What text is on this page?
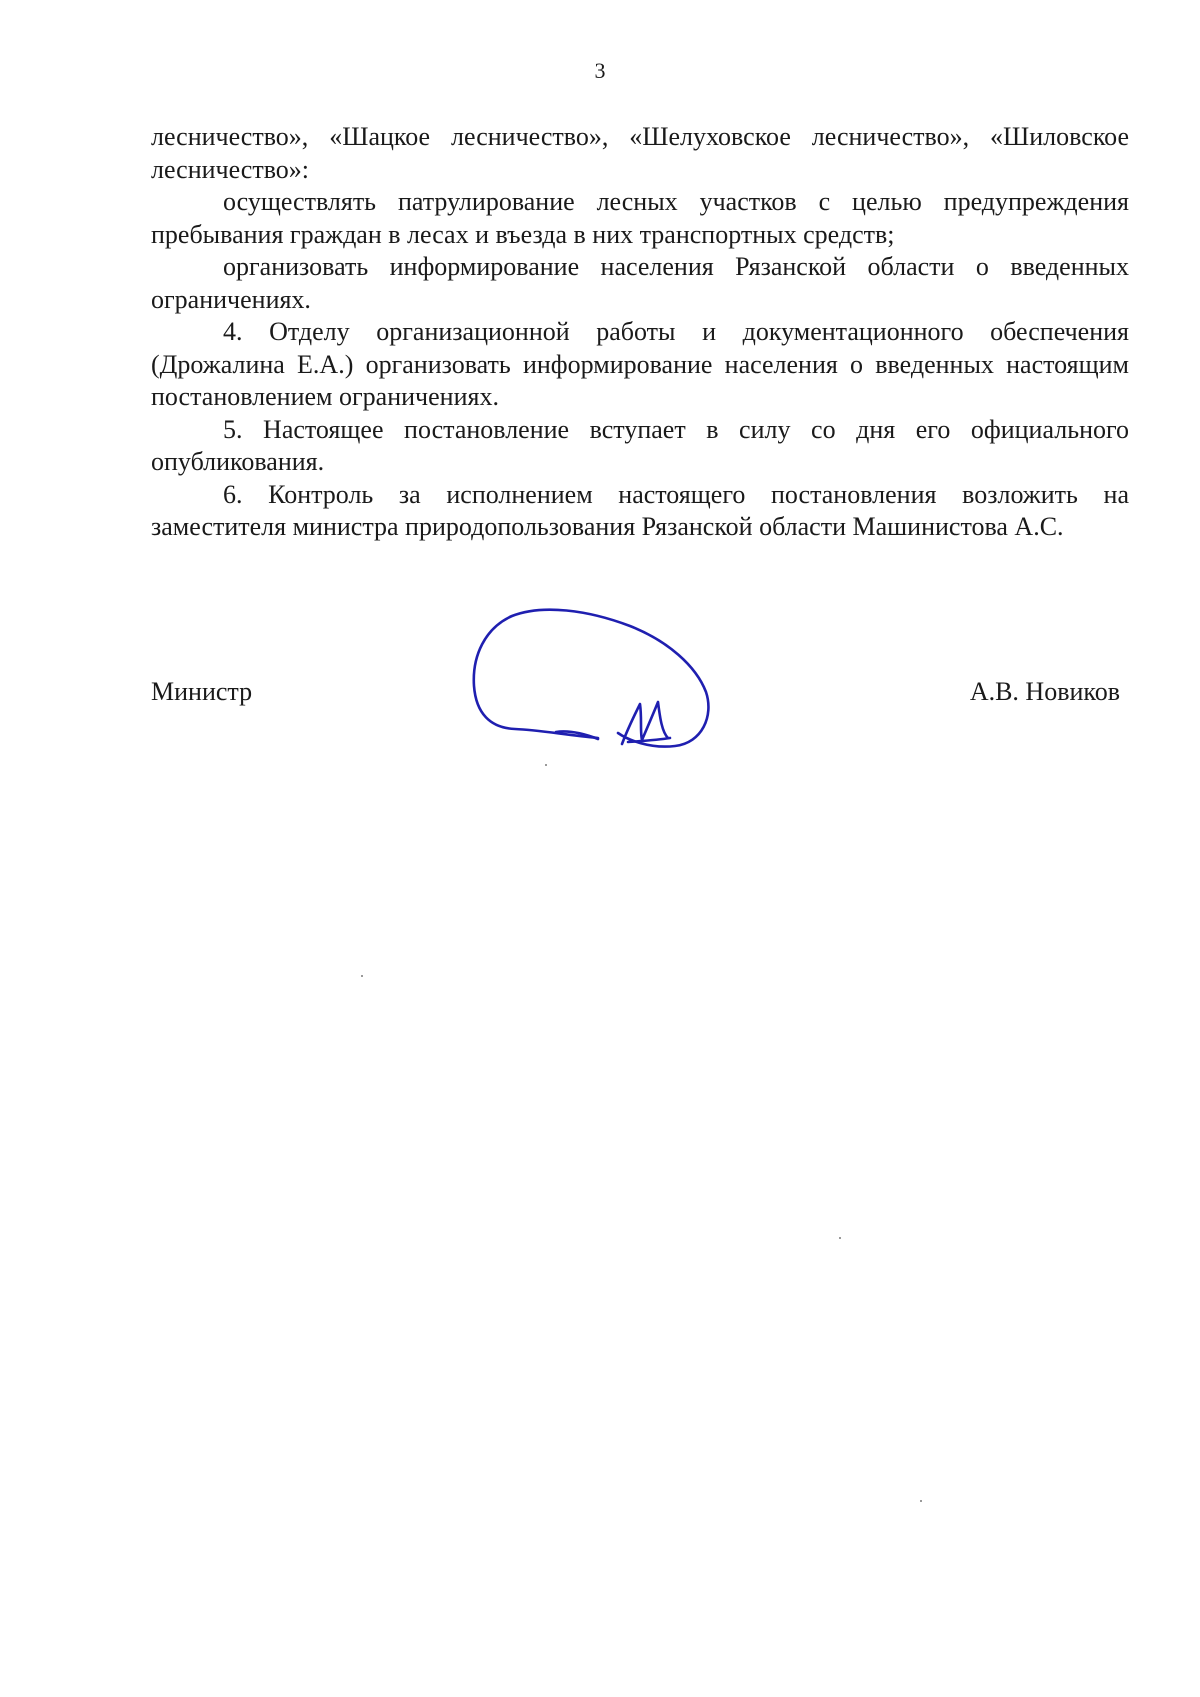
3

лесничество», «Шацкое лесничество», «Шелуховское лесничество», «Шиловское лесничество»:

осуществлять патрулирование лесных участков с целью предупреждения пребывания граждан в лесах и въезда в них транспортных средств;

организовать информирование населения Рязанской области о введенных ограничениях.

4. Отделу организационной работы и документационного обеспечения (Дрожалина Е.А.) организовать информирование населения о введенных настоящим постановлением ограничениях.

5. Настоящее постановление вступает в силу со дня его официального опубликования.

6. Контроль за исполнением настоящего постановления возложить на заместителя министра природопользования Рязанской области Машинистова А.С.

Министр	А.В. Новиков
